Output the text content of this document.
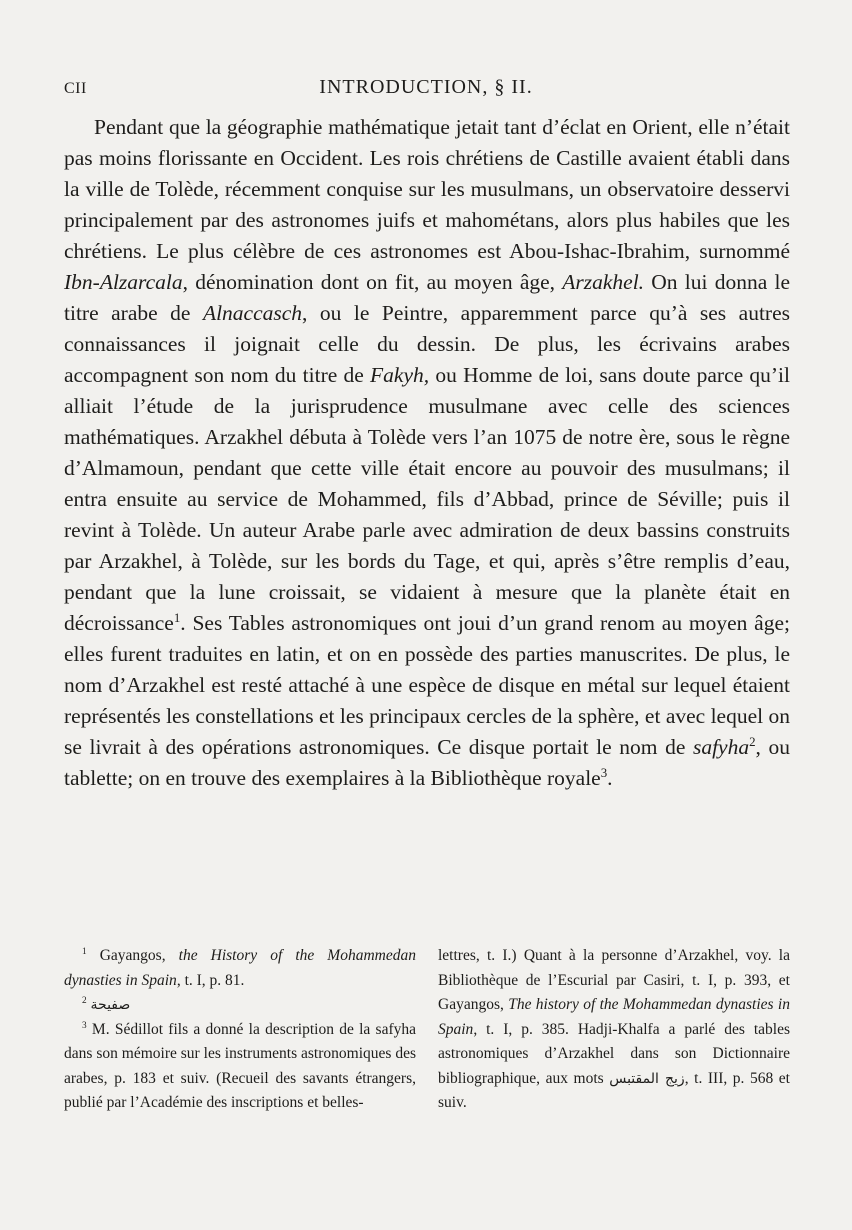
CII	INTRODUCTION, § II.

Pendant que la géographie mathématique jetait tant d’éclat en Orient, elle n’était pas moins florissante en Occident. Les rois chrétiens de Castille avaient établi dans la ville de Tolède, récemment conquise sur les musulmans, un observatoire desservi principalement par des astronomes juifs et mahométans, alors plus habiles que les chrétiens. Le plus célèbre de ces astronomes est Abou-Ishac-Ibrahim, surnommé Ibn-Alzarcala, dénomination dont on fit, au moyen âge, Arzakhel. On lui donna le titre arabe de Alnaccasch, ou le Peintre, apparemment parce qu’à ses autres connaissances il joignait celle du dessin. De plus, les écrivains arabes accompagnent son nom du titre de Fakyh, ou Homme de loi, sans doute parce qu’il alliait l’étude de la jurisprudence musulmane avec celle des sciences mathématiques. Arzakhel débuta à Tolède vers l’an 1075 de notre ère, sous le règne d’Almamoun, pendant que cette ville était encore au pouvoir des musulmans; il entra ensuite au service de Mohammed, fils d’Abbad, prince de Séville; puis il revint à Tolède. Un auteur Arabe parle avec admiration de deux bassins construits par Arzakhel, à Tolède, sur les bords du Tage, et qui, après s’être remplis d’eau, pendant que la lune croissait, se vidaient à mesure que la planète était en décroissance$^1$. Ses Tables astronomiques ont joui d’un grand renom au moyen âge; elles furent traduites en latin, et on en possède des parties manuscrites. De plus, le nom d’Arzakhel est resté attaché à une espèce de disque en métal sur lequel étaient représentés les constellations et les principaux cercles de la sphère, et avec lequel on se livrait à des opérations astronomiques. Ce disque portait le nom de safyha$^2$, ou tablette; on en trouve des exemplaires à la Bibliothèque royale$^3$.

$^1$ Gayangos, the History of the Mohammedan dynasties in Spain, t. I, p. 81.

$^2$ صفيحة

$^3$ M. Sédillot fils a donné la description de la safyha dans son mémoire sur les instruments astronomiques des arabes, p. 183 et suiv. (Recueil des savants étrangers, publié par l’Académie des inscriptions et belles-

lettres, t. I.) Quant à la personne d’Arzakhel, voy. la Bibliothèque de l’Escurial par Casiri, t. I, p. 393, et Gayangos, The history of the Mohammedan dynasties in Spain, t. I, p. 385. Hadji-Khalfa a parlé des tables astronomiques d’Arzakhel dans son Dictionnaire bibliographique, aux mots زيج المقتبس, t. III, p. 568 et suiv.
